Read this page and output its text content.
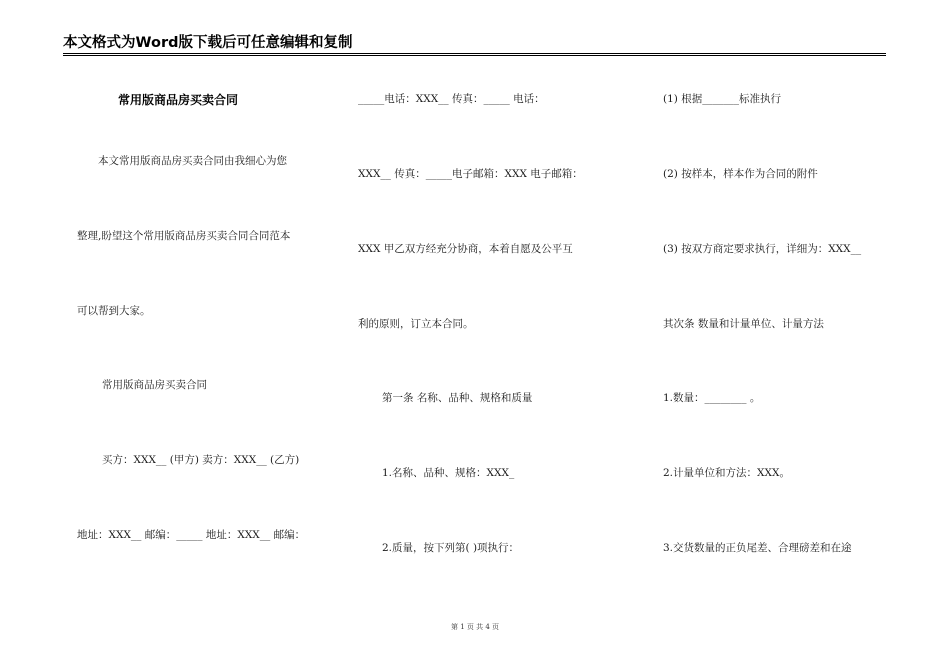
本文格式为Word版下载后可任意编辑和复制
常用版商品房买卖合同
本文常用版商品房买卖合同由我细心为您
整理,盼望这个常用版商品房买卖合同合同范本
可以帮到大家。
常用版商品房买卖合同
买方：XXX__ (甲方) 卖方：XXX__ (乙方)
地址：XXX__ 邮编：_____ 地址：XXX__ 邮编：
_____电话：XXX__ 传真：_____ 电话：
XXX__ 传真：_____电子邮箱：XXX 电子邮箱：
XXX 甲乙双方经充分协商，本着自愿及公平互
利的原则，订立本合同。
第一条 名称、品种、规格和质量
1.名称、品种、规格：XXX_
2.质量，按下列第( )项执行：
(1) 根据_______标准执行
(2) 按样本，样本作为合同的附件
(3) 按双方商定要求执行，详细为：XXX__
其次条 数量和计量单位、计量方法
1.数量：________ 。
2.计量单位和方法：XXX。
3.交货数量的正负尾差、合理磅差和在途
第 1 页 共 4 页
